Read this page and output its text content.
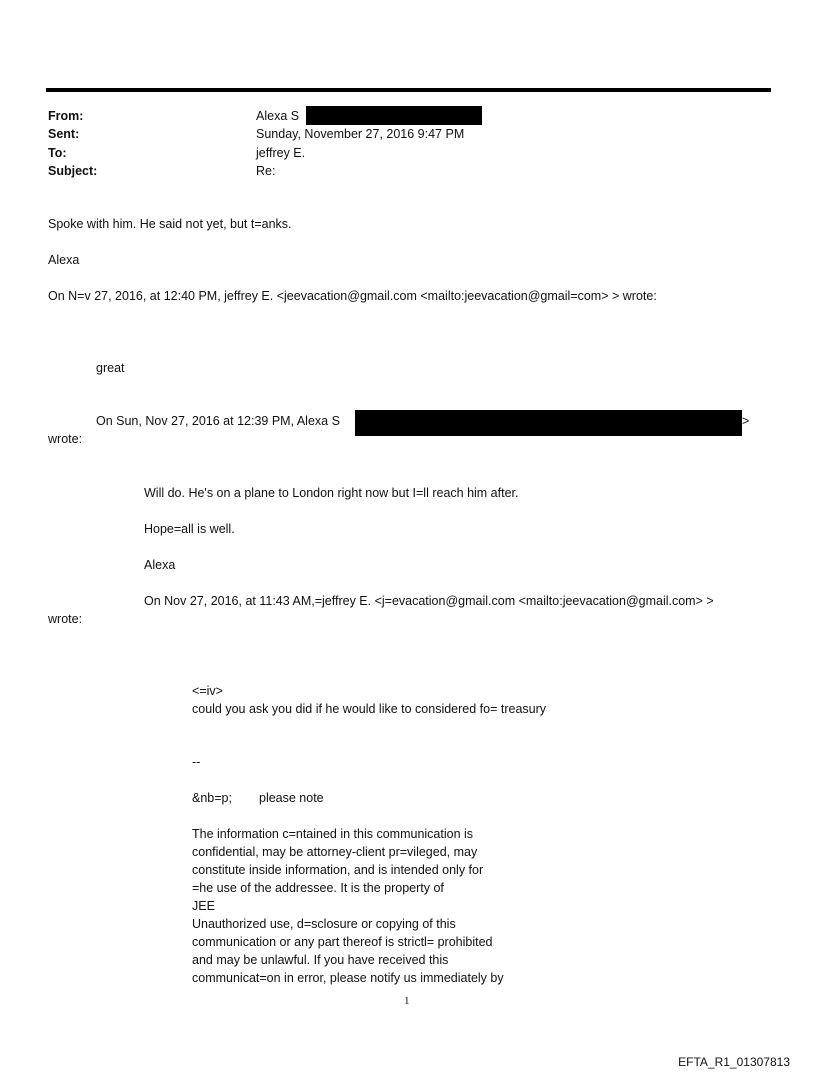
From:	Alexa S
Sent:	Sunday, November 27, 2016 9:47 PM
To:	jeffrey E.
Subject:	Re:
Spoke with him. He said not yet, but t=anks.
Alexa
On N=v 27, 2016, at 12:40 PM, jeffrey E. <jeevacation@gmail.com <mailto:jeevacation@gmail=com> > wrote:
great
On Sun, Nov 27, 2016 at 12:39 PM, Alexa S	>
wrote:
Will do. He's on a plane to London right now but I=ll reach him after.
Hope=all is well.
Alexa
On Nov 27, 2016, at 11:43 AM,=jeffrey E. <j=evacation@gmail.com <mailto:jeevacation@gmail.com> >
wrote:
<=iv>
could you ask you did if he would like to considered fo= treasury
--
&nb=p; please note
The information c=ntained in this communication is
confidential, may be attorney-client pr=vileged, may
constitute inside information, and is intended only for
=he use of the addressee. It is the property of
JEE
Unauthorized use, d=sclosure or copying of this
communication or any part thereof is strictl= prohibited
and may be unlawful. If you have received this
communicat=on in error, please notify us immediately by
1
EFTA_R1_01307813
